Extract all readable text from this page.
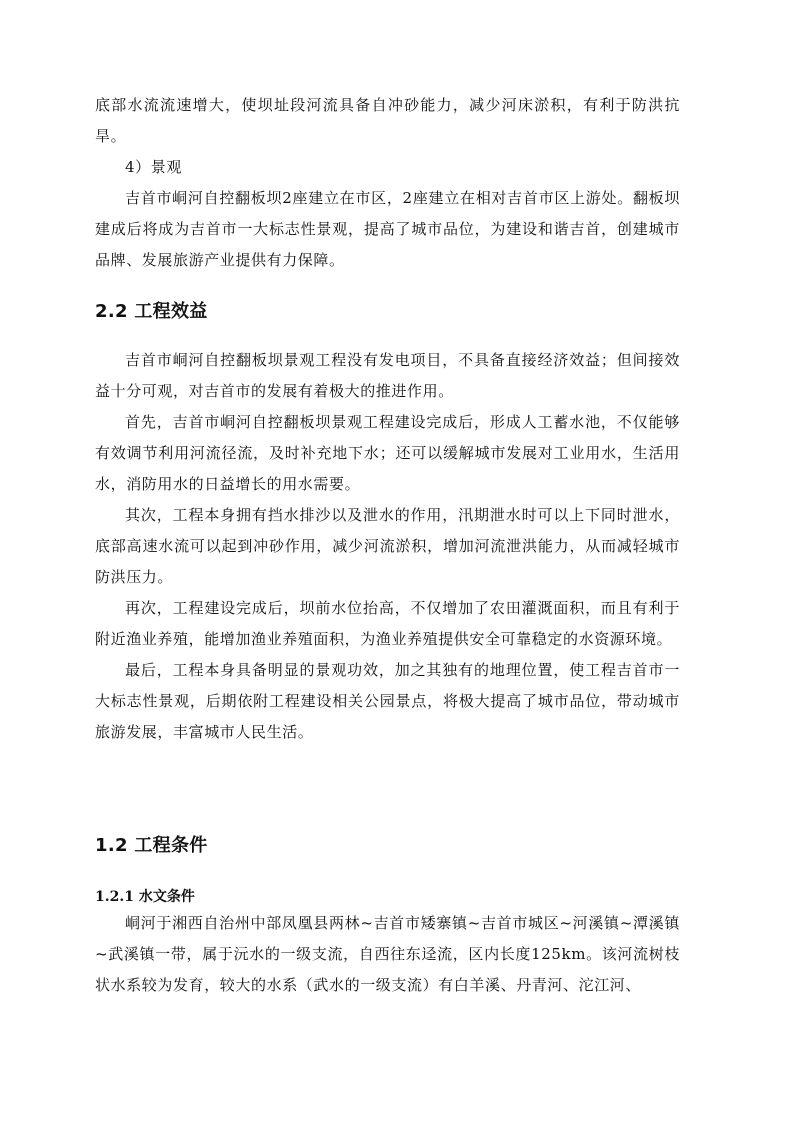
底部水流流速增大，使坝址段河流具备自冲砂能力，减少河床淤积，有利于防洪抗旱。

4）景观

吉首市峒河自控翻板坝2座建立在市区，2座建立在相对吉首市区上游处。翻板坝建成后将成为吉首市一大标志性景观，提高了城市品位，为建设和谐吉首，创建城市品牌、发展旅游产业提供有力保障。

2.2 工程效益

吉首市峒河自控翻板坝景观工程没有发电项目，不具备直接经济效益；但间接效益十分可观，对吉首市的发展有着极大的推进作用。

首先，吉首市峒河自控翻板坝景观工程建设完成后，形成人工蓄水池，不仅能够有效调节利用河流径流，及时补充地下水；还可以缓解城市发展对工业用水，生活用水，消防用水的日益增长的用水需要。

其次，工程本身拥有挡水排沙以及泄水的作用，汛期泄水时可以上下同时泄水，底部高速水流可以起到冲砂作用，减少河流淤积，增加河流泄洪能力，从而减轻城市防洪压力。

再次，工程建设完成后，坝前水位抬高，不仅增加了农田灌溉面积，而且有利于附近渔业养殖，能增加渔业养殖面积，为渔业养殖提供安全可靠稳定的水资源环境。

最后，工程本身具备明显的景观功效，加之其独有的地理位置，使工程吉首市一大标志性景观，后期依附工程建设相关公园景点，将极大提高了城市品位，带动城市旅游发展，丰富城市人民生活。

1.2 工程条件
1.2.1 水文条件

峒河于湘西自治州中部凤凰县两林~吉首市矮寨镇~吉首市城区~河溪镇~潭溪镇~武溪镇一带，属于沅水的一级支流，自西往东迳流，区内长度125km。该河流树枝状水系较为发育，较大的水系（武水的一级支流）有白羊溪、丹青河、沱江河、
